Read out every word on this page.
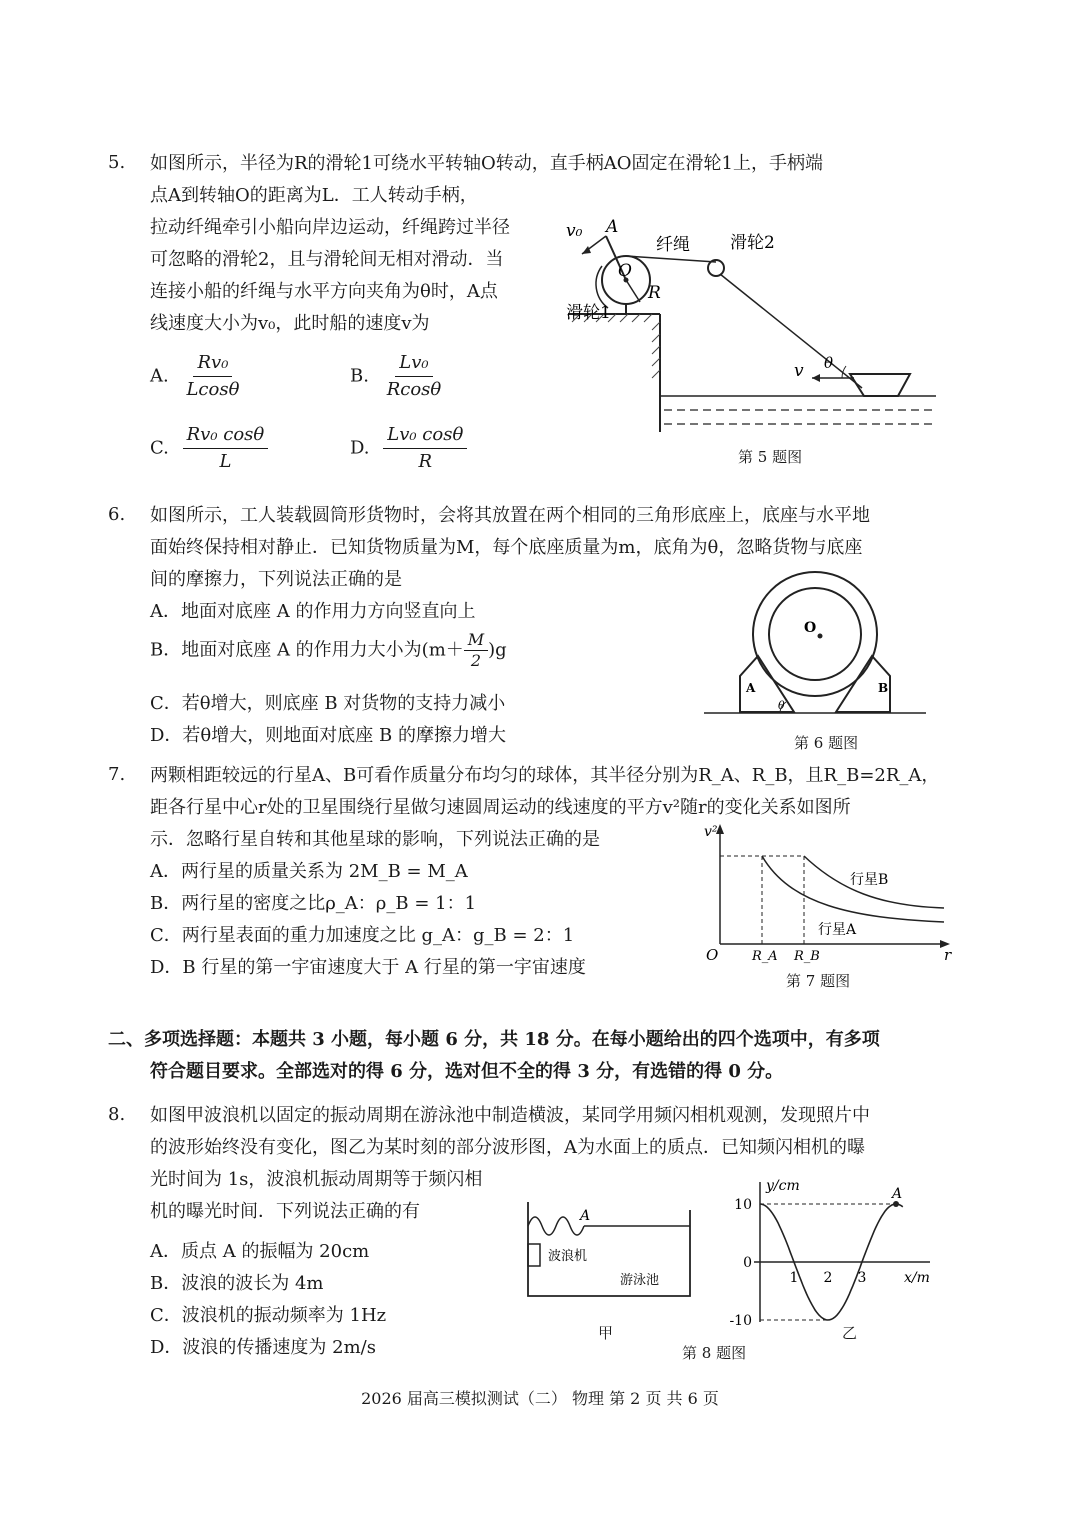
5. 如图所示，半径为R的滑轮1可绕水平转轴O转动，直手柄AO固定在滑轮1上，手柄端
点A到转轴O的距离为L．工人转动手柄，
拉动纤绳牵引小船向岸边运动，纤绳跨过半径
可忽略的滑轮2，且与滑轮间无相对滑动．当
连接小船的纤绳与水平方向夹角为θ时，A点
线速度大小为v₀，此时船的速度v为
A. $\frac{\text{Rv₀}}{Lcos\theta}$	B. $\frac{\text{Lv₀}}{Rcos\theta}$
C. $\frac{\text{Rv₀ cosθ}}{L}$	D. $\frac{\text{Lv₀ cosθ}}{R}$
v₀ A
O
R
纤绳 滑轮2
滑轮1
v θ
第 5 题图
6. 如图所示，工人装载圆筒形货物时，会将其放置在两个相同的三角形底座上，底座与水平地
面始终保持相对静止．已知货物质量为M，每个底座质量为m，底角为θ，忽略货物与底座
间的摩擦力，下列说法正确的是
A．地面对底座 A 的作用力方向竖直向上
B．地面对底座 A 的作用力大小为$(m+ \frac{M}{2} )g$
C．若θ增大，则底座 B 对货物的支持力减小
D．若θ增大，则地面对底座 B 的摩擦力增大
O
A	B
θ
第 6 题图
7. 两颗相距较远的行星A、B可看作质量分布均匀的球体，其半径分别为R_A、R_B，且R_B=2R_A，
距各行星中心r处的卫星围绕行星做匀速圆周运动的线速度的平方v²随r的变化关系如图所
示．忽略行星自转和其他星球的影响，下列说法正确的是
A．两行星的质量关系为 2M_B = M_A
B．两行星的密度之比ρ_A：ρ_B = 1：1
C．两行星表面的重力加速度之比 g_A：g_B = 2：1
D．B 行星的第一宇宙速度大于 A 行星的第一宇宙速度
v²
r
O	R_A R_B
行星B
行星A
第 7 题图
二、多项选择题：本题共 3 小题，每小题 6 分，共 18 分。在每小题给出的四个选项中，有多项
符合题目要求。全部选对的得 6 分，选对但不全的得 3 分，有选错的得 0 分。
8. 如图甲波浪机以固定的振动周期在游泳池中制造横波，某同学用频闪相机观测，发现照片中
的波形始终没有变化，图乙为某时刻的部分波形图，A为水面上的质点．已知频闪相机的曝
光时间为 1s，波浪机振动周期等于频闪相
机的曝光时间．下列说法正确的有
A．质点 A 的振幅为 20cm
B．波浪的波长为 4m
C．波浪机的振动频率为 1Hz
D．波浪的传播速度为 2m/s
A
波浪机
游泳池
甲
y/cm
x/m
10
0
-10
1 2 3
A
乙
第 8 题图
2026 届高三模拟测试（二） 物理 第 2 页 共 6 页
